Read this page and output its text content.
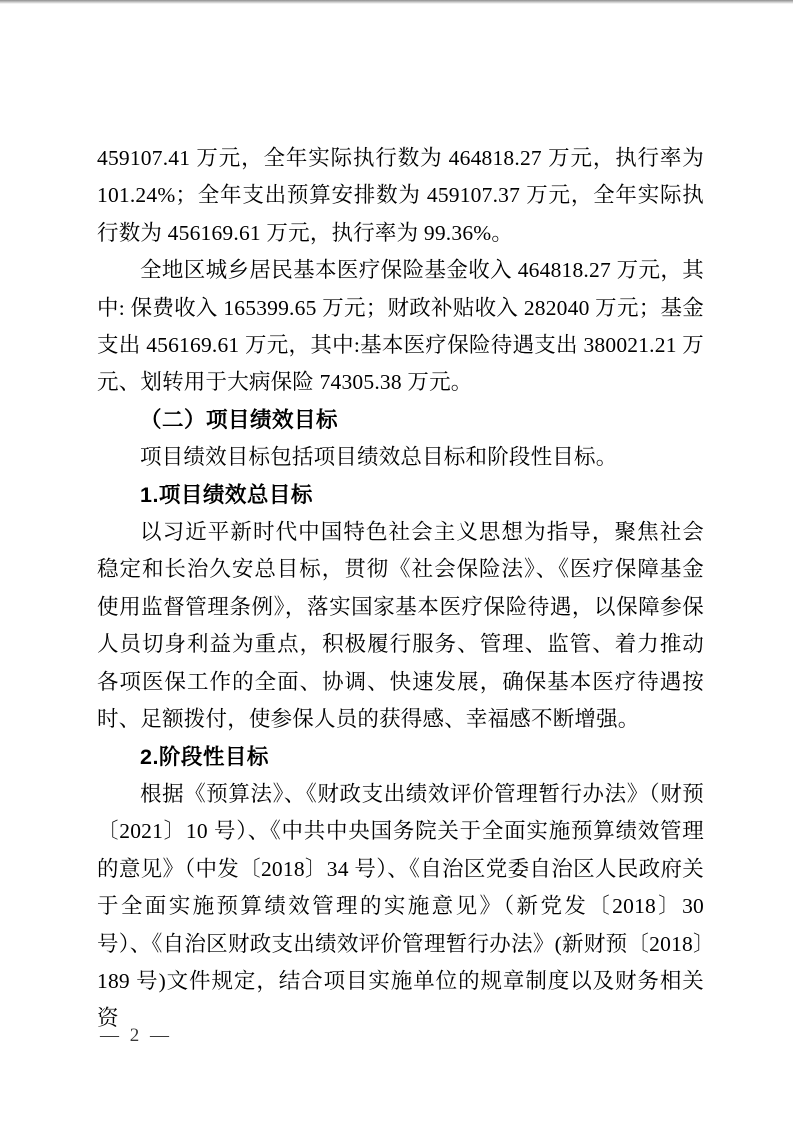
459107.41 万元，全年实际执行数为 464818.27 万元，执行率为 101.24%；全年支出预算安排数为 459107.37 万元，全年实际执行数为 456169.61 万元，执行率为 99.36%。

全地区城乡居民基本医疗保险基金收入 464818.27 万元，其中: 保费收入 165399.65 万元；财政补贴收入 282040 万元；基金支出 456169.61 万元，其中:基本医疗保险待遇支出 380021.21 万元、划转用于大病保险 74305.38 万元。

（二）项目绩效目标

项目绩效目标包括项目绩效总目标和阶段性目标。

1.项目绩效总目标

以习近平新时代中国特色社会主义思想为指导，聚焦社会稳定和长治久安总目标，贯彻《社会保险法》、《医疗保障基金使用监督管理条例》，落实国家基本医疗保险待遇，以保障参保人员切身利益为重点，积极履行服务、管理、监管、着力推动各项医保工作的全面、协调、快速发展，确保基本医疗待遇按时、足额拨付，使参保人员的获得感、幸福感不断增强。

2.阶段性目标

根据《预算法》、《财政支出绩效评价管理暂行办法》（财预〔2021〕10 号）、《中共中央国务院关于全面实施预算绩效管理的意见》（中发〔2018〕34 号）、《自治区党委自治区人民政府关于全面实施预算绩效管理的实施意见》（新党发〔2018〕30 号）、《自治区财政支出绩效评价管理暂行办法》(新财预〔2018〕189 号)文件规定，结合项目实施单位的规章制度以及财务相关资

— 2 —
